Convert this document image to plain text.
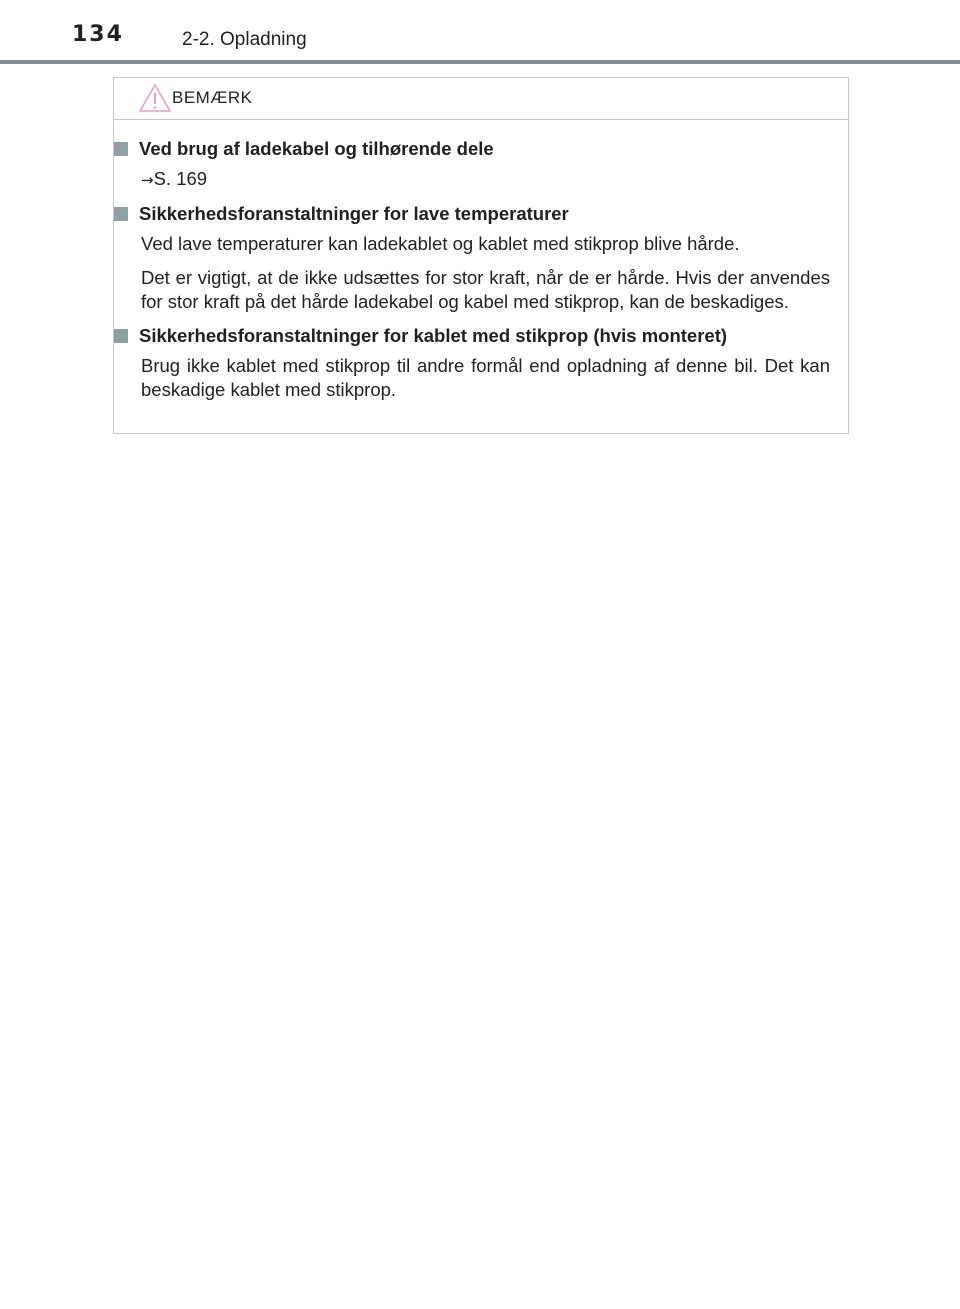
134	2-2. Opladning
BEMÆRK
Ved brug af ladekabel og tilhørende dele
→S. 169
Sikkerhedsforanstaltninger for lave temperaturer
Ved lave temperaturer kan ladekablet og kablet med stikprop blive hårde.
Det er vigtigt, at de ikke udsættes for stor kraft, når de er hårde. Hvis der anvendes for stor kraft på det hårde ladekabel og kabel med stikprop, kan de beskadiges.
Sikkerhedsforanstaltninger for kablet med stikprop (hvis monteret)
Brug ikke kablet med stikprop til andre formål end opladning af denne bil. Det kan beskadige kablet med stikprop.
